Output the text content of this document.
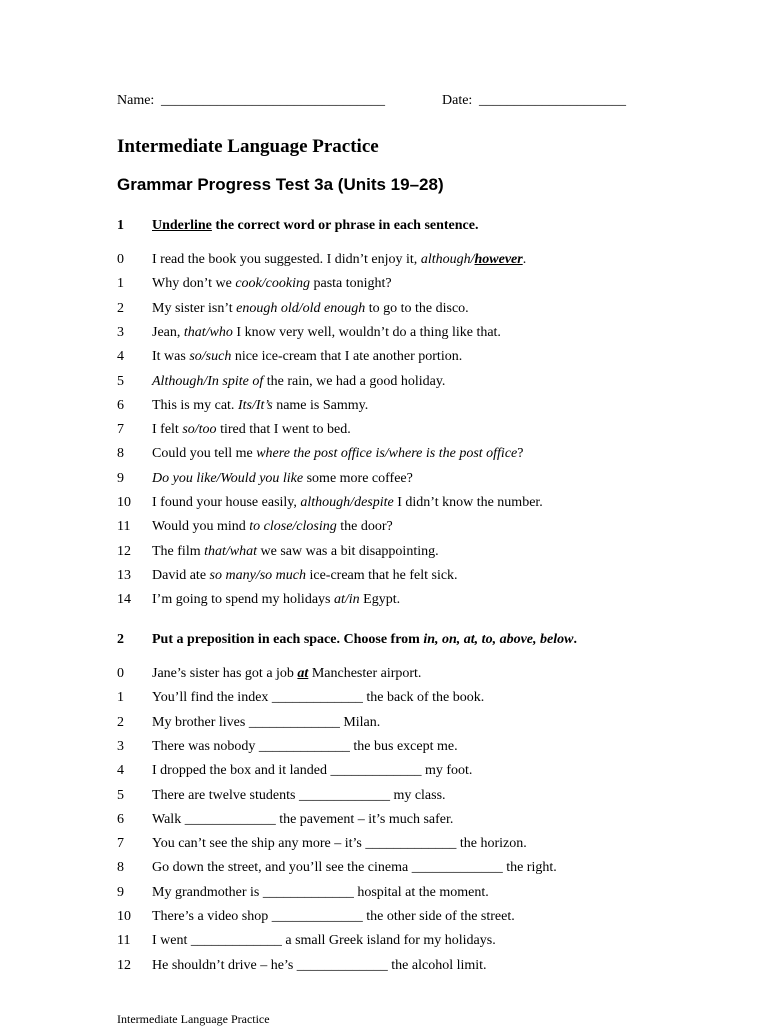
Name: ________________________________	Date: _____________________
Intermediate Language Practice
Grammar Progress Test 3a (Units 19–28)
1 Underline the correct word or phrase in each sentence.
0 I read the book you suggested. I didn’t enjoy it, although/however.
1 Why don’t we cook/cooking pasta tonight?
2 My sister isn’t enough old/old enough to go to the disco.
3 Jean, that/who I know very well, wouldn’t do a thing like that.
4 It was so/such nice ice-cream that I ate another portion.
5 Although/In spite of the rain, we had a good holiday.
6 This is my cat. Its/It’s name is Sammy.
7 I felt so/too tired that I went to bed.
8 Could you tell me where the post office is/where is the post office?
9 Do you like/Would you like some more coffee?
10 I found your house easily, although/despite I didn’t know the number.
11 Would you mind to close/closing the door?
12 The film that/what we saw was a bit disappointing.
13 David ate so many/so much ice-cream that he felt sick.
14 I’m going to spend my holidays at/in Egypt.
2 Put a preposition in each space. Choose from in, on, at, to, above, below.
0 Jane’s sister has got a job at Manchester airport.
1 You’ll find the index _____________ the back of the book.
2 My brother lives _____________ Milan.
3 There was nobody _____________ the bus except me.
4 I dropped the box and it landed _____________ my foot.
5 There are twelve students _____________ my class.
6 Walk _____________ the pavement – it’s much safer.
7 You can’t see the ship any more – it’s _____________ the horizon.
8 Go down the street, and you’ll see the cinema _____________ the right.
9 My grandmother is _____________ hospital at the moment.
10 There’s a video shop _____________ the other side of the street.
11 I went _____________ a small Greek island for my holidays.
12 He shouldn’t drive – he’s _____________ the alcohol limit.
Intermediate Language Practice
